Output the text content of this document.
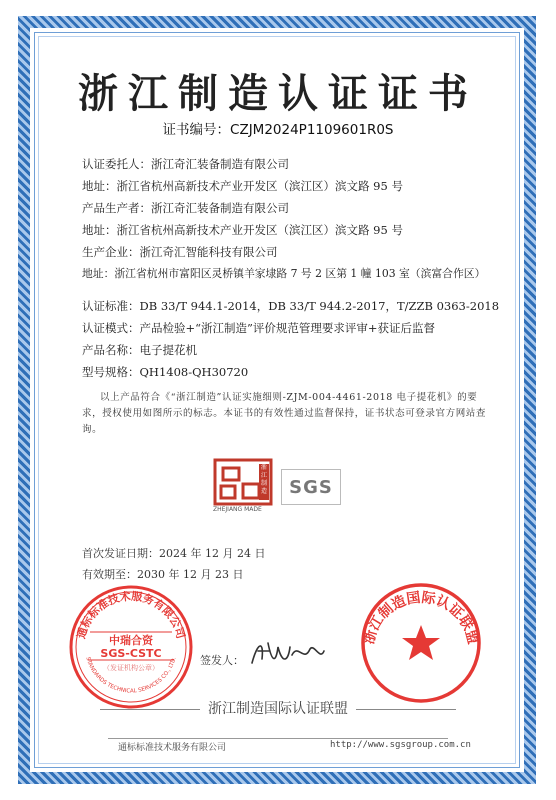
浙江制造认证证书
证书编号：CZJM2024P1109601R0S
认证委托人：浙江奇汇装备制造有限公司
地址：浙江省杭州高新技术产业开发区（滨江区）滨文路 95 号
产品生产者：浙江奇汇装备制造有限公司
地址：浙江省杭州高新技术产业开发区（滨江区）滨文路 95 号
生产企业：浙江奇汇智能科技有限公司
地址：浙江省杭州市富阳区灵桥镇羊家埭路 7 号 2 区第 1 幢 103 室（滨富合作区）
认证标准：DB 33/T 944.1-2014，DB 33/T 944.2-2017，T/ZZB 0363-2018
认证模式：产品检验+“浙江制造”评价规范管理要求评审+获证后监督
产品名称：电子提花机
型号规格：QH1408-QH30720
以上产品符合《“浙江制造”认证实施细则-ZJM-004-4461-2018 电子提花机》的要求，授权使用如图所示的标志。本证书的有效性通过监督保持，证书状态可登录官方网站查询。
浙江制造
ZHEJIANG MADE
SGS
首次发证日期：2024 年 12 月 24 日
有效期至：2030 年 12 月 23 日
通标标准技术服务有限公司
STANDARDS TECHNICAL SERVICES CO., LTD.
中瑞合资
SGS-CSTC
（发证机构公章）
浙江制造国际认证联盟
签发人：
浙江制造国际认证联盟
通标标准技术服务有限公司	http://www.sgsgroup.com.cn
